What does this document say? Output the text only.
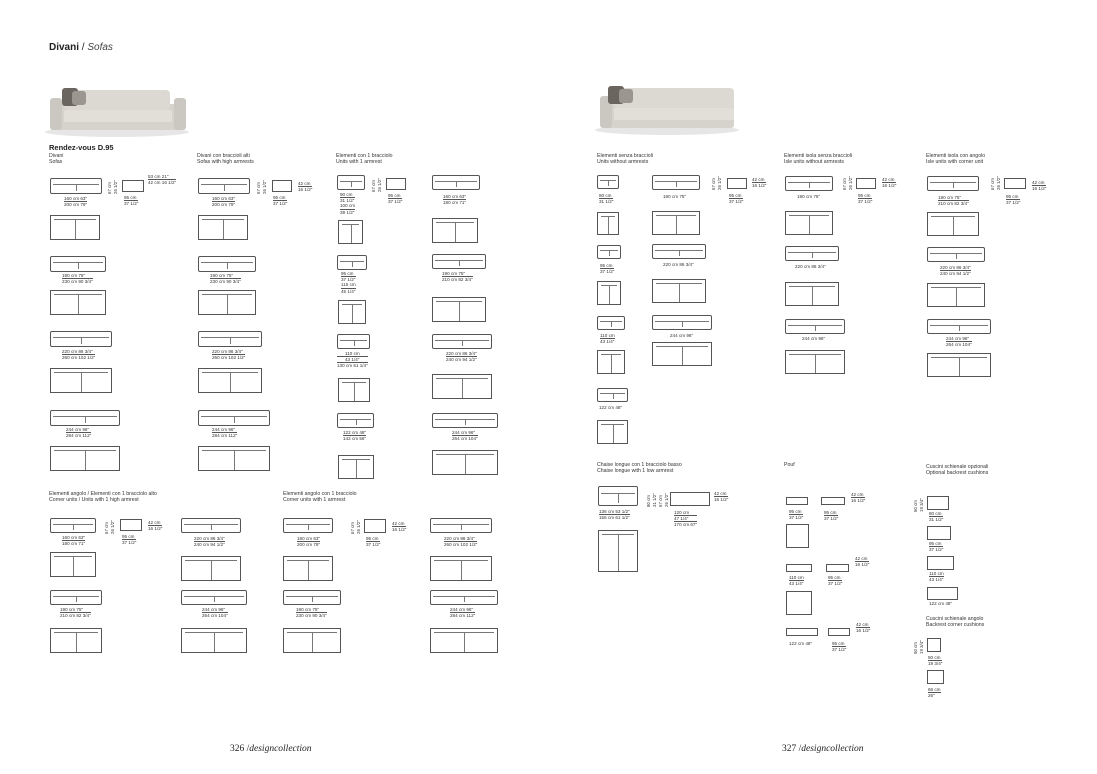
Divani / Sofas
Rendez-vous D.95
Divani
Sofas
160 cm 63"
200 cm 79"
67 cm 26 1/2"
53 cm 21"
42 cm 16 1/2"
95 cm
37 1/2"
190 cm 75"
230 cm 90 3/4"
220 cm 86 3/4"
260 cm 102 1/2"
244 cm 96"
284 cm 112"
Divani con braccioli alti
Sofas with high armrests
160 cm 63"
200 cm 79"
67 cm 26 1/2"	42 cm
16 1/2"
95 cm
37 1/2"
190 cm 75"
230 cm 90 3/4"
220 cm 86 3/4"
260 cm 102 1/2"
244 cm 96"
284 cm 112"
Elementi con 1 bracciolo
Units with 1 armrest
90 cm
31 1/2"
100 cm
39 1/2"
67 cm 26 1/2"
95 cm
37 1/2"
95 cm
37 1/2"
115 cm
45 1/4"
110 cm
43 1/4"
130 cm 51 1/4"
122 cm 48"
142 cm 56"
160 cm 63"
180 cm 71"
190 cm 75"
210 cm 82 3/4"
220 cm 86 3/4"
240 cm 94 1/2"
244 cm 96"
264 cm 104"
Elementi angolo / Elementi con 1 bracciolo alto
Corner units / Units with 1 high armrest
160 cm 63"
180 cm 71"
67 cm 26 1/2"	42 cm
16 1/2"
95 cm
37 1/2"
190 cm 75"
210 cm 82 3/4"
220 cm 86 3/4"
240 cm 94 1/2"
244 cm 96"
264 cm 104"
Elementi angolo con 1 bracciolo
Corner units with 1 armrest
160 cm 63"
200 cm 79"
67 cm 26 1/2"	42 cm
16 1/2"
95 cm
37 1/2"
190 cm 75"
230 cm 90 3/4"
220 cm 86 3/4"
260 cm 102 1/2"
244 cm 96"
284 cm 112"
Elementi senza braccioli
Units without armrests
80 cm
31 1/2"
95 cm
37 1/2"
110 cm
43 1/4"
122 cm 48"
190 cm 75"
67 cm 26 1/2"	42 cm
16 1/2"
95 cm
37 1/2"
220 cm 86 3/4"
244 cm 96"
Elementi isola senza braccioli
Isle units without armrests
190 cm 75"
67 cm 26 1/2"	42 cm
16 1/2"
95 cm
37 1/2"
220 cm 86 3/4"
244 cm 96"
Elementi isola con angolo
Isle units with corner unit
190 cm 75"
210 cm 82 3/4"
67 cm 26 1/2"	42 cm
16 1/2"
95 cm
37 1/2"
220 cm 86 3/4"
240 cm 94 1/2"
244 cm 96"
264 cm 104"
Chaise longue con 1 bracciolo basso
Chaise longue with 1 low armrest
136 cm 53 1/2"
156 cm 61 1/2"
80 cm 31 1/2" 67 cm 26 1/2"	42 cm
16 1/2"
120 cm
47 1/4"
170 cm 67"
Pouf
42 cm
16 1/2"
95 cm
37 1/2"
95 cm
37 1/2"
42 cm
16 1/2"
110 cm
43 1/4"
95 cm
37 1/2"
42 cm
16 1/2"
122 cm 48"	95 cm
37 1/2"
Cuscini schienale opzionali
Optional backrest cushions
50 cm 19 3/4"
80 cm
31 1/2"
95 cm
37 1/2"
110 cm
43 1/4"
122 cm 48"
Cuscini schienale angolo
Backrest corner cushions
50 cm 19 3/4"
50 cm
19 3/4"
66 cm
26"
326 /designcollection	327 /designcollection
